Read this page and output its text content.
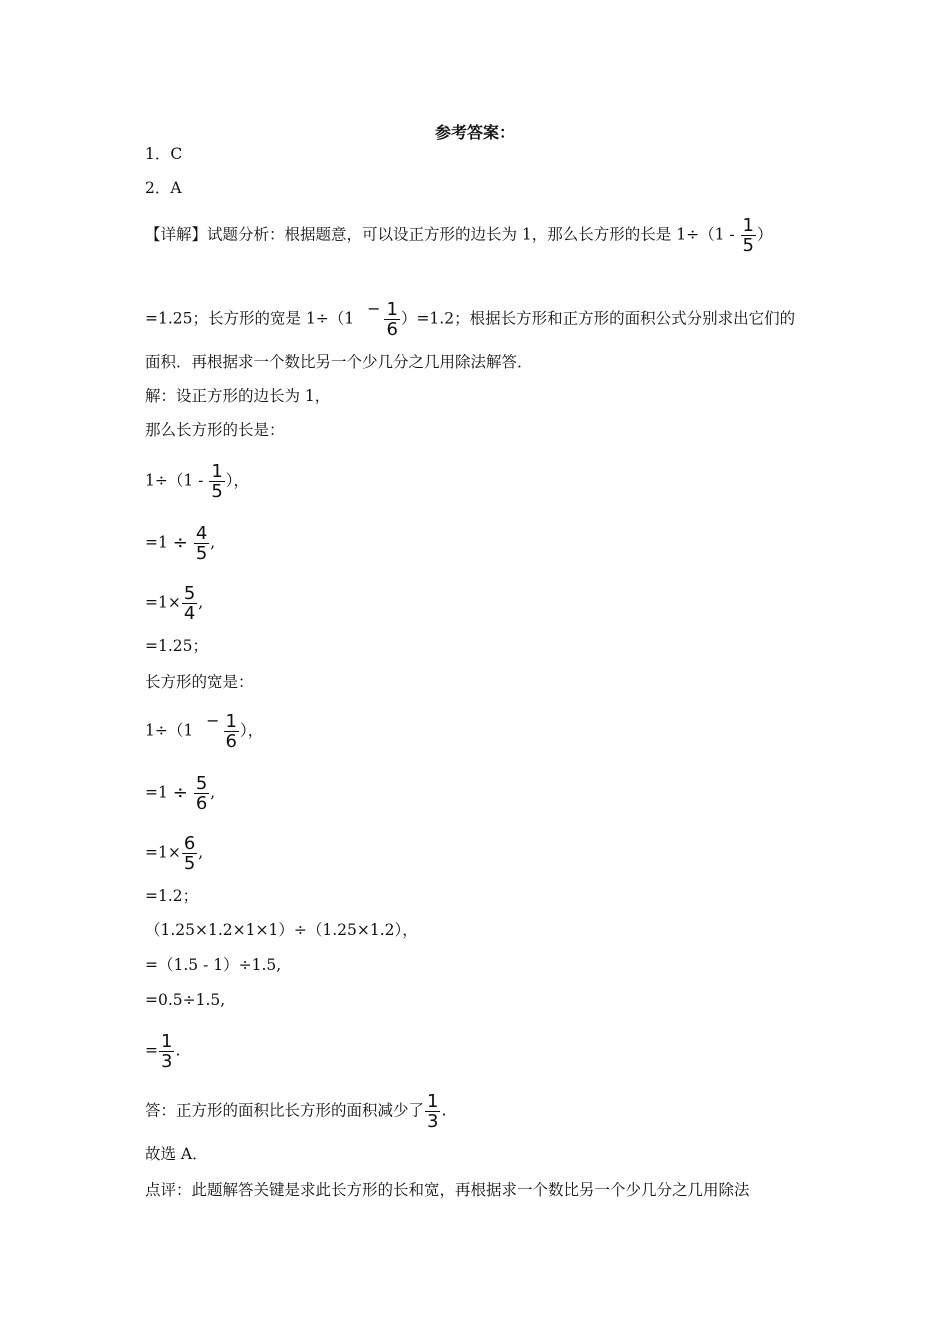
参考答案：
1．C
2．A
【详解】试题分析：根据题意，可以设正方形的边长为 1，那么长方形的长是 $1\div(1 - \frac{1}{5}$ ）
=1.25；长方形的宽是 $1\div(1 - \frac{1}{6} )=1.2$；根据长方形和正方形的面积公式分别求出它们的
面积．再根据求一个数比另一个少几分之几用除法解答．
解：设正方形的边长为 1，
那么长方形的长是：
$1\div(1 - \frac{1}{5}$ ），
$=1 \div \frac{4}{5}$ ,
$=1\times \frac{5}{4}$ ,
=1.25；
长方形的宽是：
$1\div(1 - \frac{1}{6}$ ），
$=1 \div \frac{5}{6}$ ,
$=1\times \frac{6}{5}$ ,
=1.2；
（1.25×1.2×1×1）÷（1.25×1.2），
=（1.5 - 1）÷1.5,
=0.5÷1.5,
= $\frac{1}{3}$ .
答：正方形的面积比长方形的面积减少了 $\frac{1}{3}$ .
故选 A．
点评：此题解答关键是求此长方形的长和宽，再根据求一个数比另一个少几分之几用除法
